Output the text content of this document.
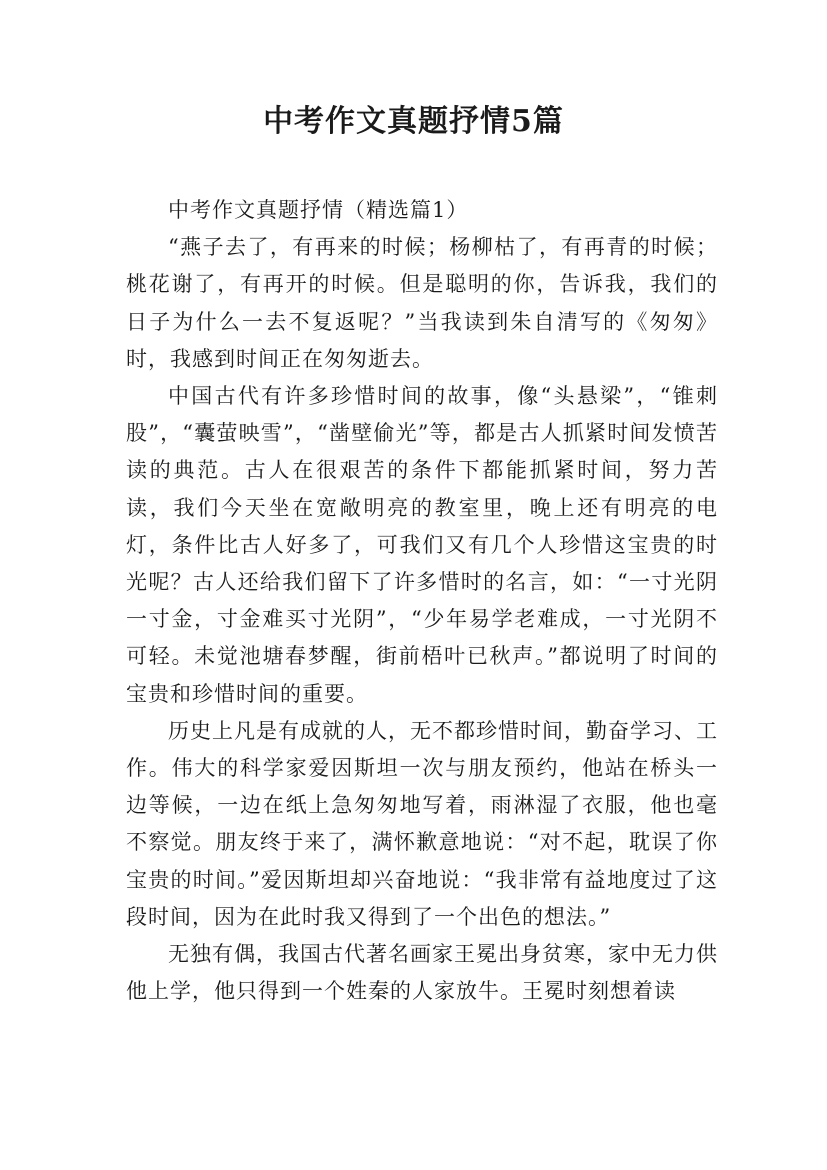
中考作文真题抒情5篇

中考作文真题抒情（精选篇1）

“燕子去了，有再来的时候；杨柳枯了，有再青的时候；桃花谢了，有再开的时候。但是聪明的你，告诉我，我们的日子为什么一去不复返呢？”当我读到朱自清写的《匆匆》时，我感到时间正在匆匆逝去。

中国古代有许多珍惜时间的故事，像“头悬梁”，“锥刺股”，“囊萤映雪”，“凿壁偷光”等，都是古人抓紧时间发愤苦读的典范。古人在很艰苦的条件下都能抓紧时间，努力苦读，我们今天坐在宽敞明亮的教室里，晚上还有明亮的电灯，条件比古人好多了，可我们又有几个人珍惜这宝贵的时光呢？古人还给我们留下了许多惜时的名言，如：“一寸光阴一寸金，寸金难买寸光阴”，“少年易学老难成，一寸光阴不可轻。未觉池塘春梦醒，街前梧叶已秋声。”都说明了时间的宝贵和珍惜时间的重要。

历史上凡是有成就的人，无不都珍惜时间，勤奋学习、工作。伟大的科学家爱因斯坦一次与朋友预约，他站在桥头一边等候，一边在纸上急匆匆地写着，雨淋湿了衣服，他也毫不察觉。朋友终于来了，满怀歉意地说：“对不起，耽误了你宝贵的时间。”爱因斯坦却兴奋地说：“我非常有益地度过了这段时间，因为在此时我又得到了一个出色的想法。”

无独有偶，我国古代著名画家王冕出身贫寒，家中无力供他上学，他只得到一个姓秦的人家放牛。王冕时刻想着读
